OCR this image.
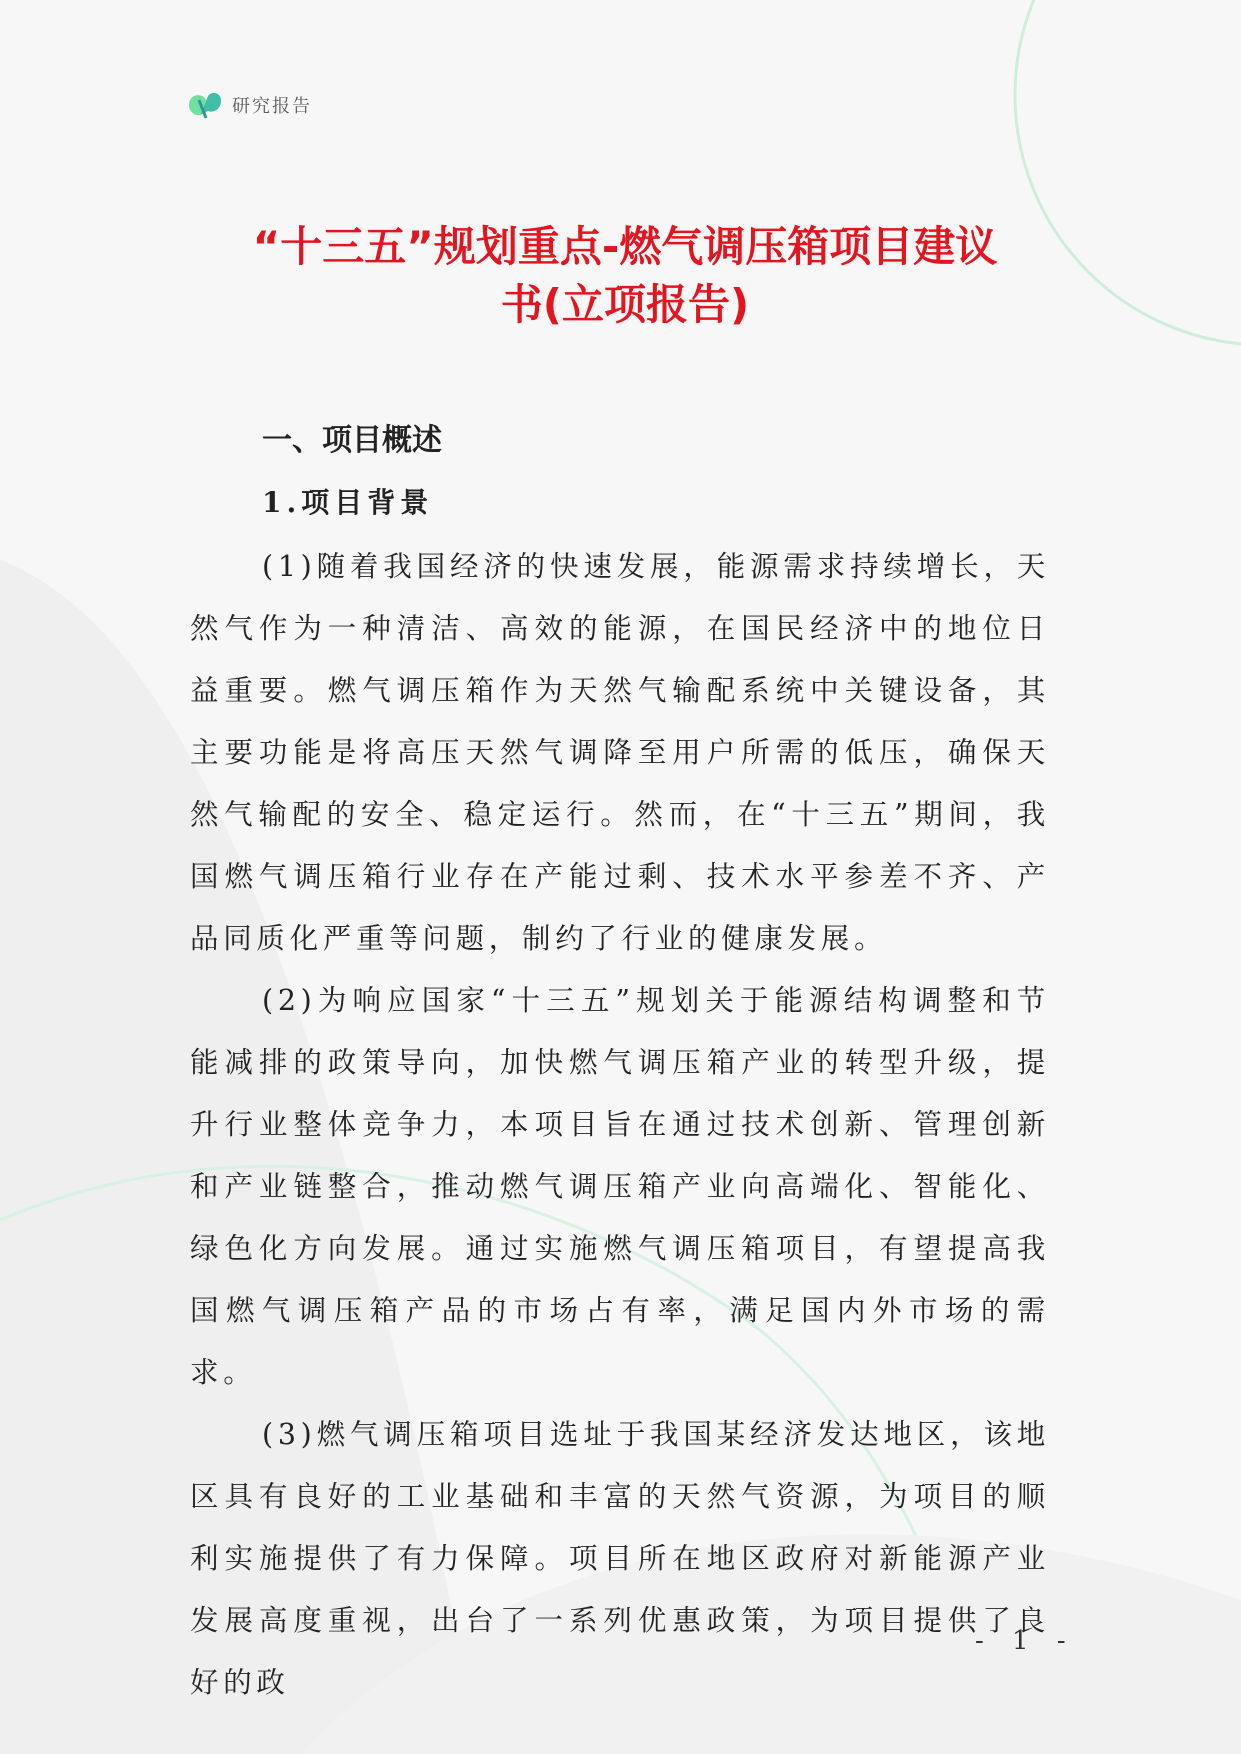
研究报告
“十三五”规划重点-燃气调压箱项目建议
书(立项报告)
一、项目概述
1.项目背景

(1)随着我国经济的快速发展，能源需求持续增长，天然气作为一种清洁、高效的能源，在国民经济中的地位日益重要。燃气调压箱作为天然气输配系统中关键设备，其主要功能是将高压天然气调降至用户所需的低压，确保天然气输配的安全、稳定运行。然而，在“十三五”期间，我国燃气调压箱行业存在产能过剩、技术水平参差不齐、产品同质化严重等问题，制约了行业的健康发展。

(2)为响应国家“十三五”规划关于能源结构调整和节能减排的政策导向，加快燃气调压箱产业的转型升级，提升行业整体竞争力，本项目旨在通过技术创新、管理创新和产业链整合，推动燃气调压箱产业向高端化、智能化、绿色化方向发展。通过实施燃气调压箱项目，有望提高我国燃气调压箱产品的市场占有率，满足国内外市场的需求。

(3)燃气调压箱项目选址于我国某经济发达地区，该地区具有良好的工业基础和丰富的天然气资源，为项目的顺利实施提供了有力保障。项目所在地区政府对新能源产业发展高度重视，出台了一系列优惠政策，为项目提供了良好的政

- 1 -
